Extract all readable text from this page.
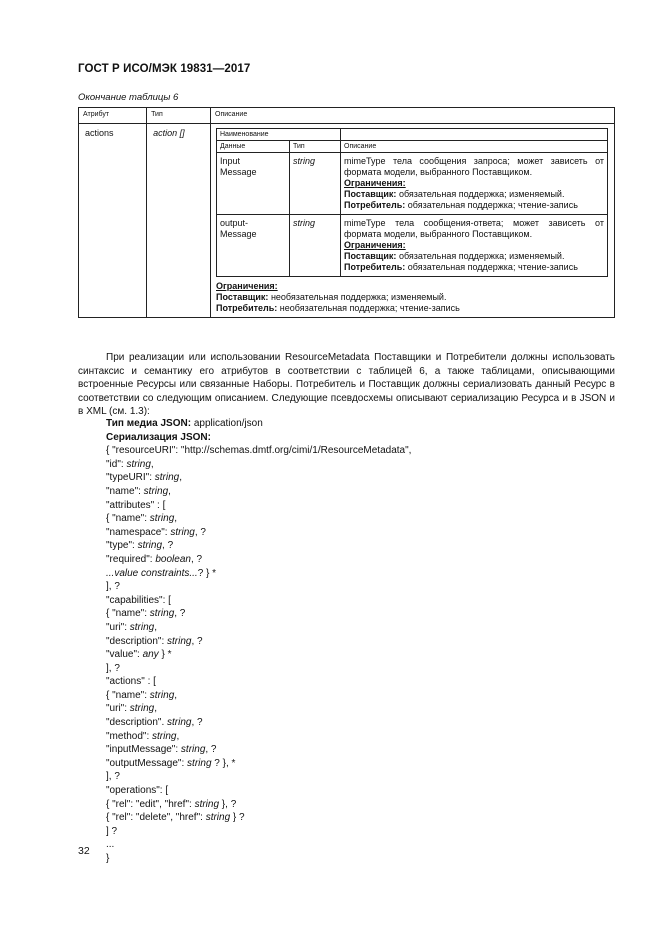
ГОСТ Р ИСО/МЭК 19831—2017
Окончание таблицы 6
Атрибут	Тип	Описание
actions	action []		Наименование	
Данные	Тип	Описание

Input
Message
	string	mimeType тела сообщения запроса; может зависеть от формата модели, выбранного Поставщиком.
Ограничения:
Поставщик: обязательная поддержка; изменяемый.
Потребитель: обязательная поддержка; чтение-запись

output-
Message
	string	mimeType тела сообщения-ответа; может зависеть от формата модели, выбранного Поставщиком.
Ограничения:
Поставщик: обязательная поддержка; изменяемый.
Потребитель: обязательная поддержка; чтение-запись
Ограничения:
Поставщик: необязательная поддержка; изменяемый.
Потребитель: необязательная поддержка; чтение-запись
При реализации или использовании ResourceMetadata Поставщики и Потребители должны использовать синтаксис и семантику его атрибутов в соответствии с таблицей 6, а также таблицами, описывающими встроенные Ресурсы или связанные Наборы. Потребитель и Поставщик должны сериализовать данный Ресурс в соответствии со следующим описанием. Следующие псевдосхемы описывают сериализацию Ресурса и в JSON и в XML (см. 1.3):
Тип медиа JSON: application/json
Сериализация JSON:
{ "resourceURI": "http://schemas.dmtf.org/cimi/1/ResourceMetadata",
"id": string,
"typeURI": string,
"name": string,
"attributes" : [
{ "name": string,
"namespace": string, ?
"type": string, ?
"required": boolean, ?
...value constraints...? } *
], ?
"capabilities": [
{ "name": string, ?
"uri": string,
"description": string, ?
"value": any } *
], ?
"actions" : [
{ "name": string,
"uri": string,
"description". string, ?
"method": string,
"inputMessage": string, ?
"outputMessage": string ? }, *
], ?
"operations": [
{ "rel": "edit", "href": string }, ?
{ "rel": "delete", "href": string } ?
] ?
...
}
32
